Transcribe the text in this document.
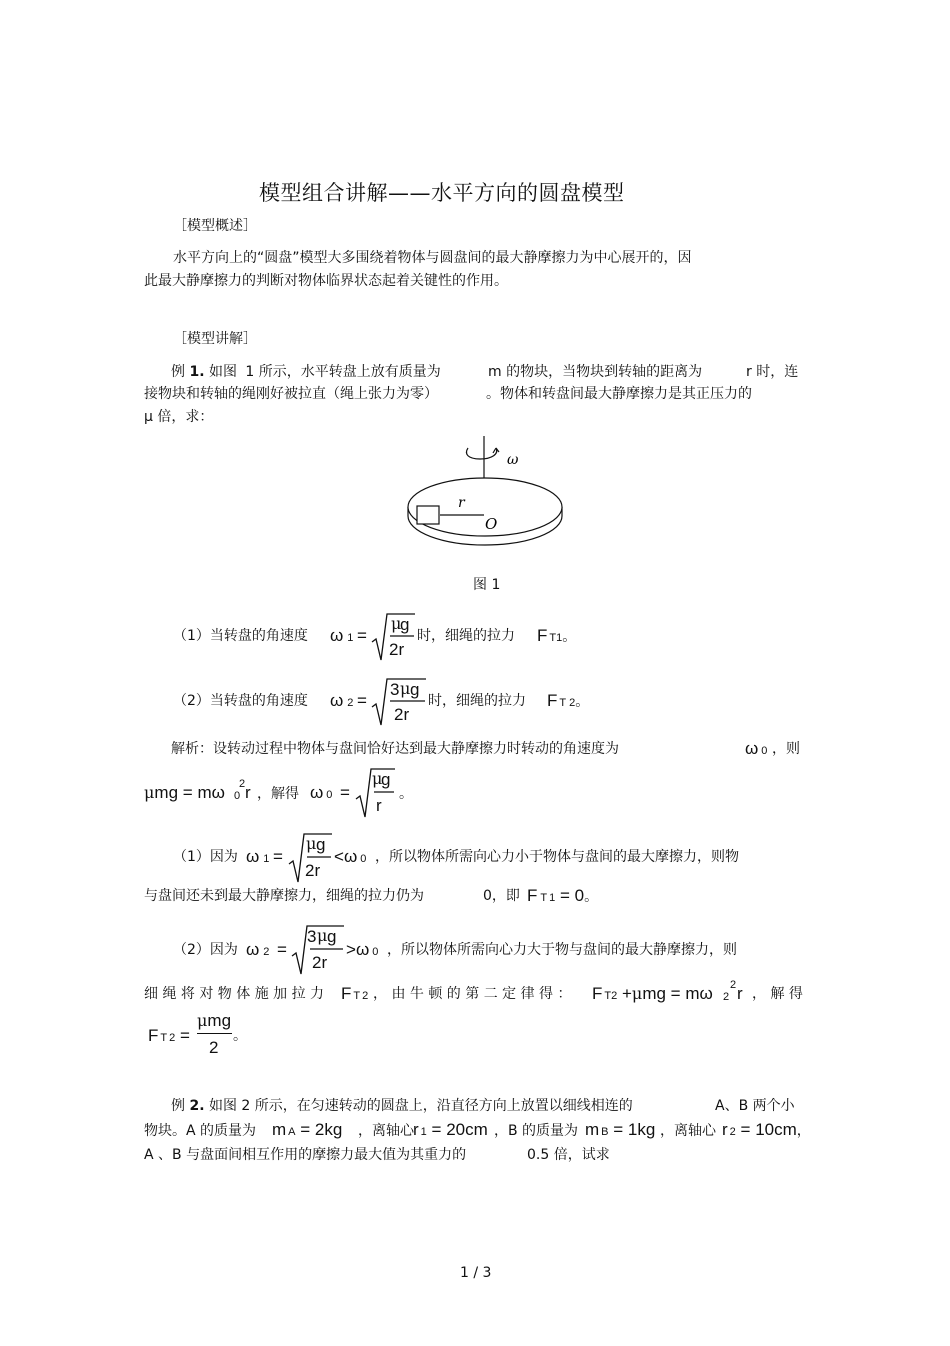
模型组合讲解——水平方向的圆盘模型
［模型概述］
水平方向上的“圆盘”模型大多围绕着物体与圆盘间的最大静摩擦力为中心展开的，因
此最大静摩擦力的判断对物体临界状态起着关键性的作用。
［模型讲解］
例 1. 如图 1 所示，水平转盘上放有质量为	m 的物块，当物块到转轴的距离为	r 时，连
接物块和转轴的绳刚好被拉直（绳上张力为零）	。物体和转盘间最大静摩擦力是其正压力的
μ 倍，求：
ω
r
O
图 1
（1）当转盘的角速度 ω 1 =
μ
g
2r
时，细绳的拉力 F T1。
（2）当转盘的角速度 ω 2 =
3 μ g
2r
时，细绳的拉力 F T 2。
解析：设转动过程中物体与盘间恰好达到最大静摩擦力时转动的角速度为	ω 0 ，则
μmg = mω 0
2 r ，解得 ω 0 =
μ
g
r
。
（1）因为 ω 1 =
μ g
2r
<ω 0 ，所以物体所需向心力小于物体与盘间的最大摩擦力，则物
与盘间还未到最大静摩擦力，细绳的拉力仍为	0，即 F T 1 = 0。
（2）因为 ω 2 =
3 μ g
2r
>ω 0 ，所以物体所需向心力大于物与盘间的最大静摩擦力，则
细 绳 将 对 物 体 施 加 拉 力 F T 2 ， 由 牛 顿 的 第 二 定 律 得 ： F T2 +μmg = mω 2
2 r ， 解 得
F T 2 =
μmg
2
。
例 2. 如图 2 所示，在匀速转动的圆盘上，沿直径方向上放置以细线相连的	A、B 两个小
物块。A 的质量为 m A = 2kg ，离轴心 r 1 = 20cm ，B 的质量为 m B = 1kg ，离轴心 r 2 = 10cm，
A 、B 与盘面间相互作用的摩擦力最大值为其重力的	0.5 倍，试求
1 / 3
